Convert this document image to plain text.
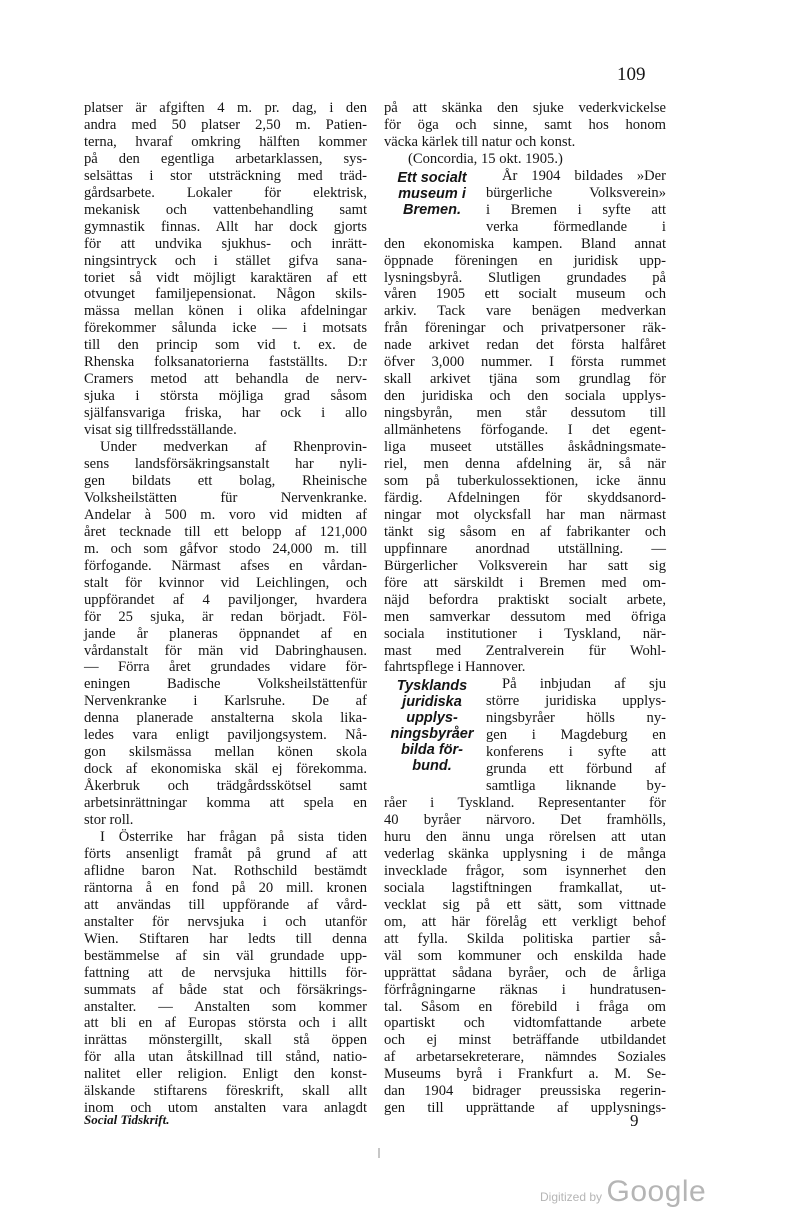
109

platser är afgiften 4 m. pr. dag, i den
andra med 50 platser 2,50 m. Patien-
terna, hvaraf omkring hälften kommer
på den egentliga arbetarklassen, sys-
selsättas i stor utsträckning med träd-
gårdsarbete. Lokaler för elektrisk,
mekanisk och vattenbehandling samt
gymnastik finnas. Allt har dock gjorts
för att undvika sjukhus- och inrätt-
ningsintryck och i stället gifva sana-
toriet så vidt möjligt karaktären af ett
otvunget familjepensionat. Någon skils-
mässa mellan könen i olika afdelningar
förekommer sålunda icke — i motsats
till den princip som vid t. ex. de
Rhenska folksanatorierna fastställts. D:r
Cramers metod att behandla de nerv-
sjuka i största möjliga grad såsom
själfansvariga friska, har ock i allo
visat sig tillfredsställande.

Under medverkan af Rhenprovin-
sens landsförsäkringsanstalt har nyli-
gen bildats ett bolag, Rheinische
Volksheilstätten für Nervenkranke.
Andelar à 500 m. voro vid midten af
året tecknade till ett belopp af 121,000
m. och som gåfvor stodo 24,000 m. till
förfogande. Närmast afses en vårdan-
stalt för kvinnor vid Leichlingen, och
uppförandet af 4 paviljonger, hvardera
för 25 sjuka, är redan börjadt. Föl-
jande år planeras öppnandet af en
vårdanstalt för män vid Dabringhausen.
— Förra året grundades vidare för-
eningen Badische Volksheilstättenfür
Nervenkranke i Karlsruhe. De af
denna planerade anstalterna skola lika-
ledes vara enligt paviljongsystem. Nå-
gon skilsmässa mellan könen skola
dock af ekonomiska skäl ej förekomma.
Åkerbruk och trädgårdsskötsel samt
arbetsinrättningar komma att spela en
stor roll.

I Österrike har frågan på sista tiden
förts ansenligt framåt på grund af att
aflidne baron Nat. Rothschild bestämdt
räntorna å en fond på 20 mill. kronen
att användas till uppförande af vård-
anstalter för nervsjuka i och utanför
Wien. Stiftaren har ledts till denna
bestämmelse af sin väl grundade upp-
fattning att de nervsjuka hittills för-
summats af både stat och försäkrings-
anstalter. — Anstalten som kommer
att bli en af Europas största och i allt
inrättas mönstergillt, skall stå öppen
för alla utan åtskillnad till stånd, natio-
nalitet eller religion. Enligt den konst-
älskande stiftarens föreskrift, skall allt
inom och utom anstalten vara anlagdt

på att skänka den sjuke vederkvickelse
för öga och sinne, samt hos honom
väcka kärlek till natur och konst.

(Concordia, 15 okt. 1905.)

Ett socialt
museum i
Bremen.
År 1904 bildades »Der
bürgerliche Volksverein»
i Bremen i syfte att
verka förmedlande i

den ekonomiska kampen. Bland annat
öppnade föreningen en juridisk upp-
lysningsbyrå. Slutligen grundades på
våren 1905 ett socialt museum och
arkiv. Tack vare benägen medverkan
från föreningar och privatpersoner räk-
nade arkivet redan det första halfåret
öfver 3,000 nummer. I första rummet
skall arkivet tjäna som grundlag för
den juridiska och den sociala upplys-
ningsbyrån, men står dessutom till
allmänhetens förfogande. I det egent-
liga museet utställes åskådningsmate-
riel, men denna afdelning är, så när
som på tuberkulossektionen, icke ännu
färdig. Afdelningen för skyddsanord-
ningar mot olycksfall har man närmast
tänkt sig såsom en af fabrikanter och
uppfinnare anordnad utställning. —
Bürgerlicher Volksverein har satt sig
före att särskildt i Bremen med om-
näjd befordra praktiskt socialt arbete,
men samverkar dessutom med öfriga
sociala institutioner i Tyskland, när-
mast med Zentralverein für Wohl-
fahrtspflege i Hannover.

Tysklands
juridiska
upplys-
ningsbyråer
bilda för-
bund.
På inbjudan af sju
större juridiska upplys-
ningsbyråer hölls ny-
gen i Magdeburg en
konferens i syfte att
grunda ett förbund af
samtliga liknande by-

råer i Tyskland. Representanter för
40 byråer närvoro. Det framhölls,
huru den ännu unga rörelsen att utan
vederlag skänka upplysning i de många
invecklade frågor, som isynnerhet den
sociala lagstiftningen framkallat, ut-
vecklat sig på ett sätt, som vittnade
om, att här förelåg ett verkligt behof
att fylla. Skilda politiska partier så-
väl som kommuner och enskilda hade
upprättat sådana byråer, och de årliga
förfrågningarne räknas i hundratusen-
tal. Såsom en förebild i fråga om
opartiskt och vidtomfattande arbete
och ej minst beträffande utbildandet
af arbetarsekreterare, nämndes Soziales
Museums byrå i Frankfurt a. M. Se-
dan 1904 bidrager preussiska regerin-
gen till upprättande af upplysnings-

Social Tidskrift.	9
Digitized by Google
